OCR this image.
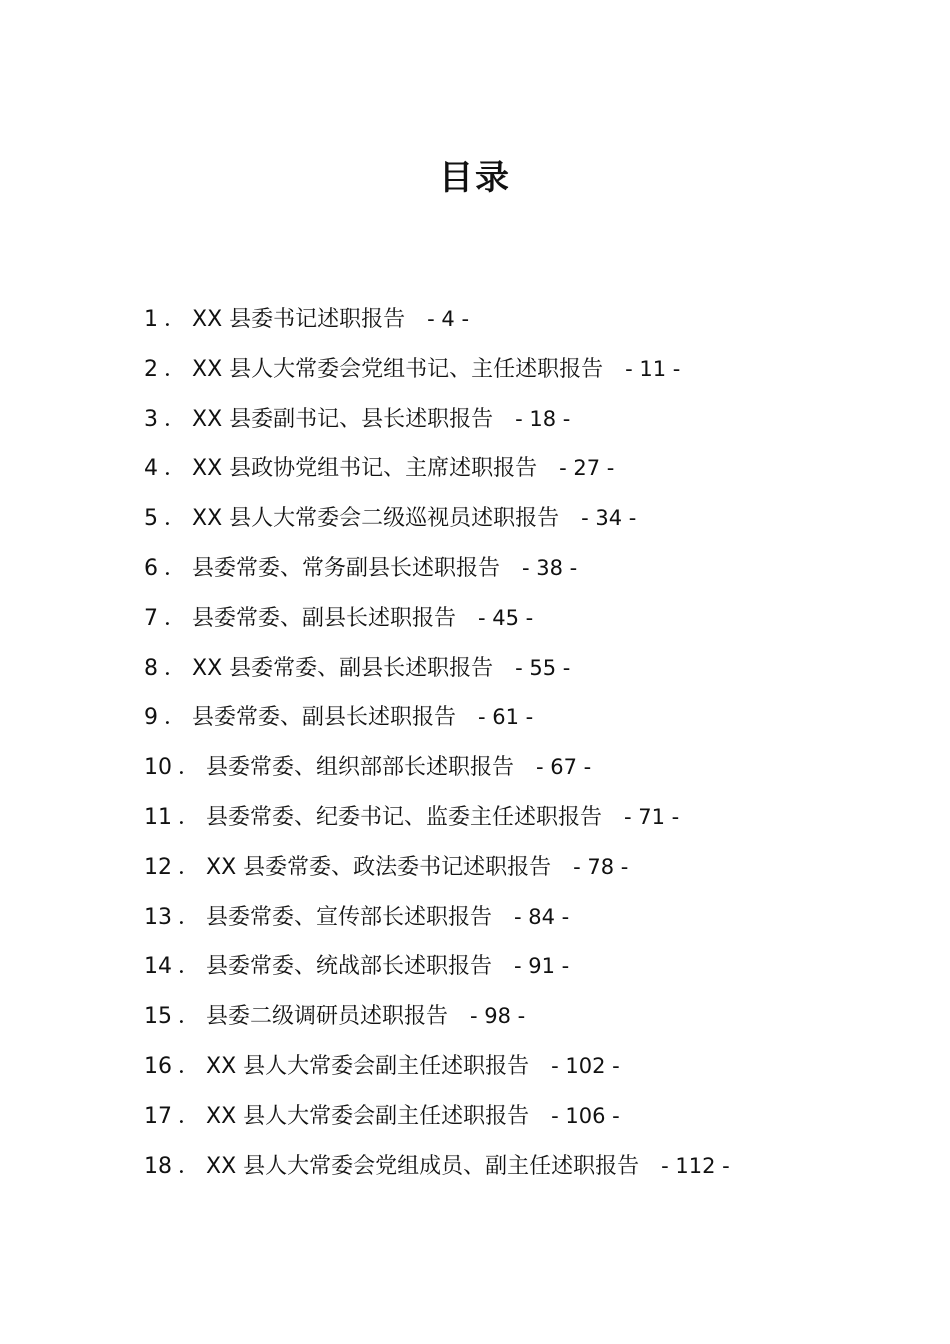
目录
1 ． XX 县委书记述职报告 - 4 -
2 ． XX 县人大常委会党组书记、主任述职报告 - 11 -
3 ． XX 县委副书记、县长述职报告 - 18 -
4 ． XX 县政协党组书记、主席述职报告 - 27 -
5 ． XX 县人大常委会二级巡视员述职报告 - 34 -
6 ． 县委常委、常务副县长述职报告 - 38 -
7 ． 县委常委、副县长述职报告 - 45 -
8 ． XX 县委常委、副县长述职报告 - 55 -
9 ． 县委常委、副县长述职报告 - 61 -
10 ． 县委常委、组织部部长述职报告 - 67 -
11 ． 县委常委、纪委书记、监委主任述职报告 - 71 -
12 ． XX 县委常委、政法委书记述职报告 - 78 -
13 ． 县委常委、宣传部长述职报告 - 84 -
14 ． 县委常委、统战部长述职报告 - 91 -
15 ． 县委二级调研员述职报告 - 98 -
16 ． XX 县人大常委会副主任述职报告 - 102 -
17 ． XX 县人大常委会副主任述职报告 - 106 -
18 ． XX 县人大常委会党组成员、副主任述职报告 - 112 -
